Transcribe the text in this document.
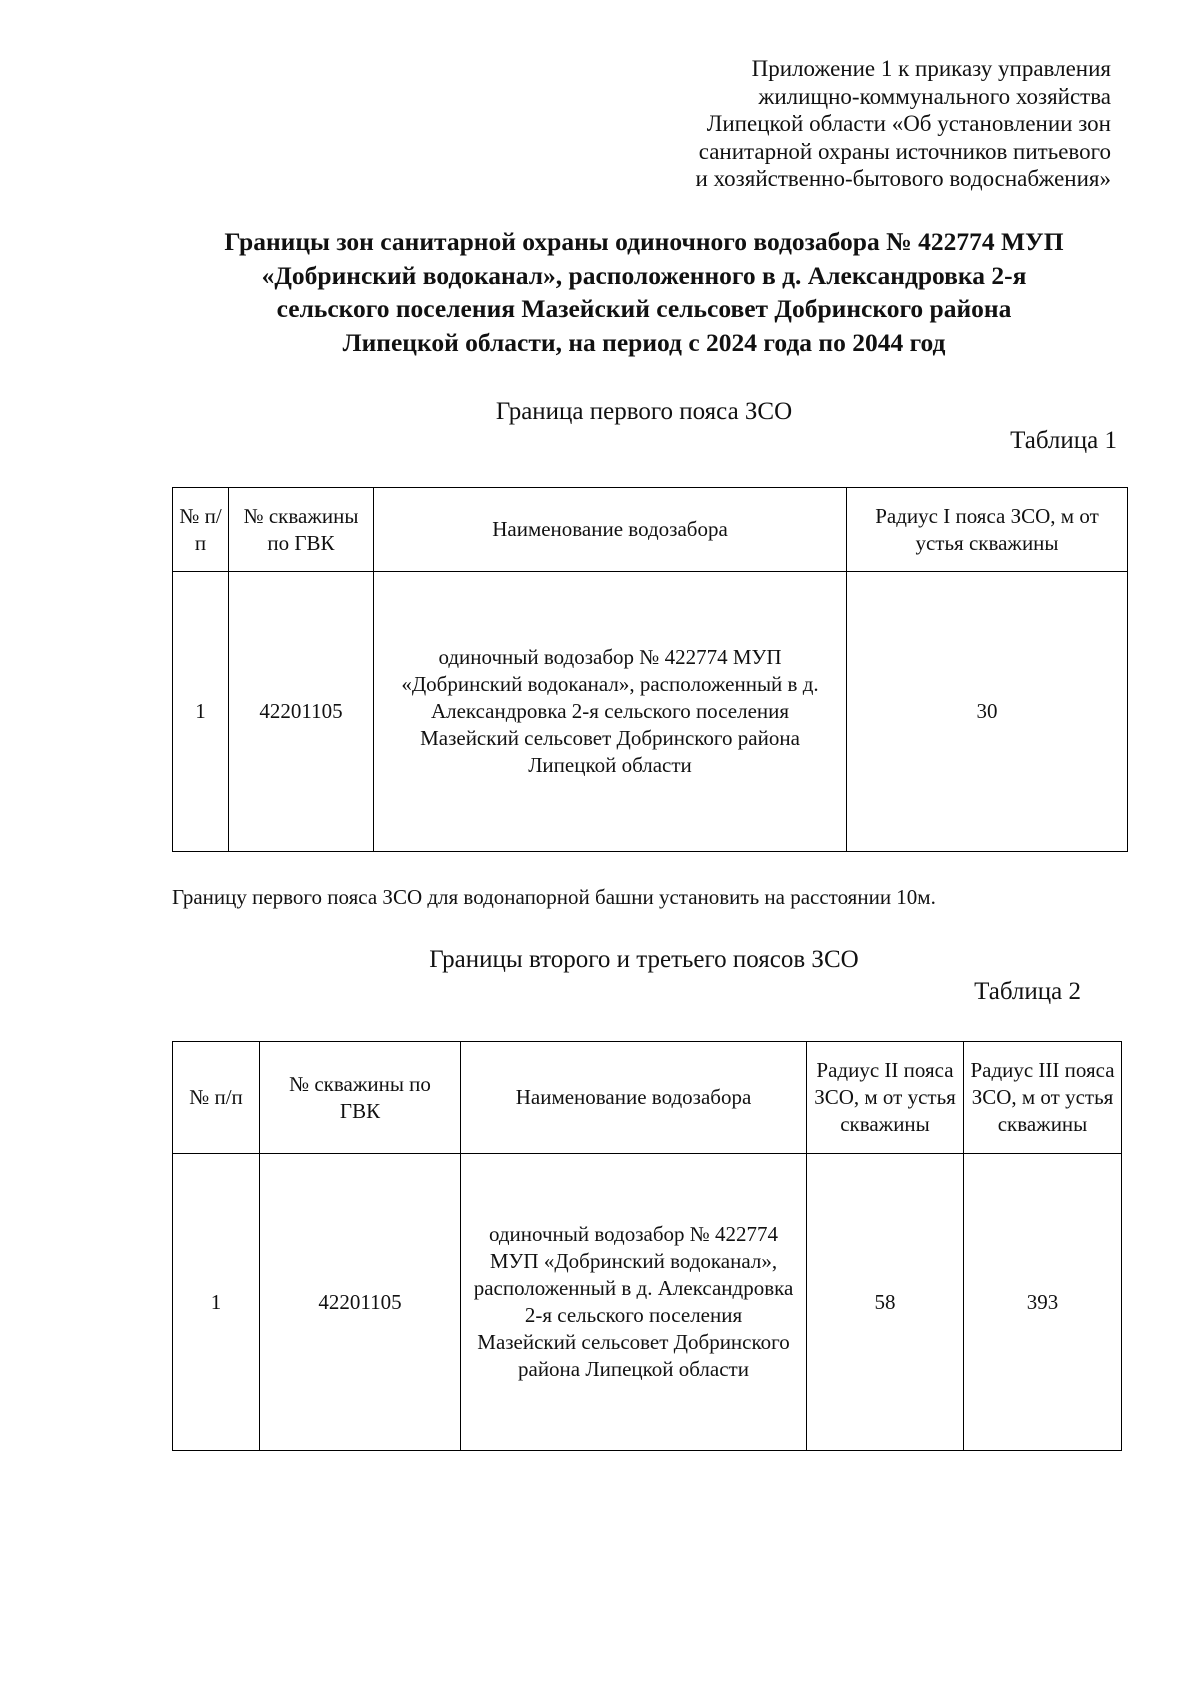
Приложение 1 к приказу управления
жилищно-коммунального хозяйства
Липецкой области «Об установлении зон
санитарной охраны источников питьевого
и хозяйственно-бытового водоснабжения»
Границы зон санитарной охраны одиночного водозабора № 422774 МУП
«Добринский водоканал», расположенного в д. Александровка 2-я
сельского поселения Мазейский сельсовет Добринского района
Липецкой области, на период с 2024 года по 2044 год
Граница первого пояса ЗСО
Таблица 1
№ п/п	№ скважины по ГВК	Наименование водозабора	Радиус I пояса ЗСО, м от устья скважины
1	42201105	одиночный водозабор № 422774 МУП «Добринский водоканал», расположенный в д. Александровка 2-я сельского поселения Мазейский сельсовет Добринского района Липецкой области	30
Границу первого пояса ЗСО для водонапорной башни установить на расстоянии 10м.
Границы второго и третьего поясов ЗСО
Таблица 2
№ п/п	№ скважины по ГВК	Наименование водозабора	Радиус II пояса ЗСО, м от устья скважины	Радиус III пояса ЗСО, м от устья скважины
1	42201105	одиночный водозабор № 422774 МУП «Добринский водоканал», расположенный в д. Александровка 2-я сельского поселения Мазейский сельсовет Добринского района Липецкой области	58	393
